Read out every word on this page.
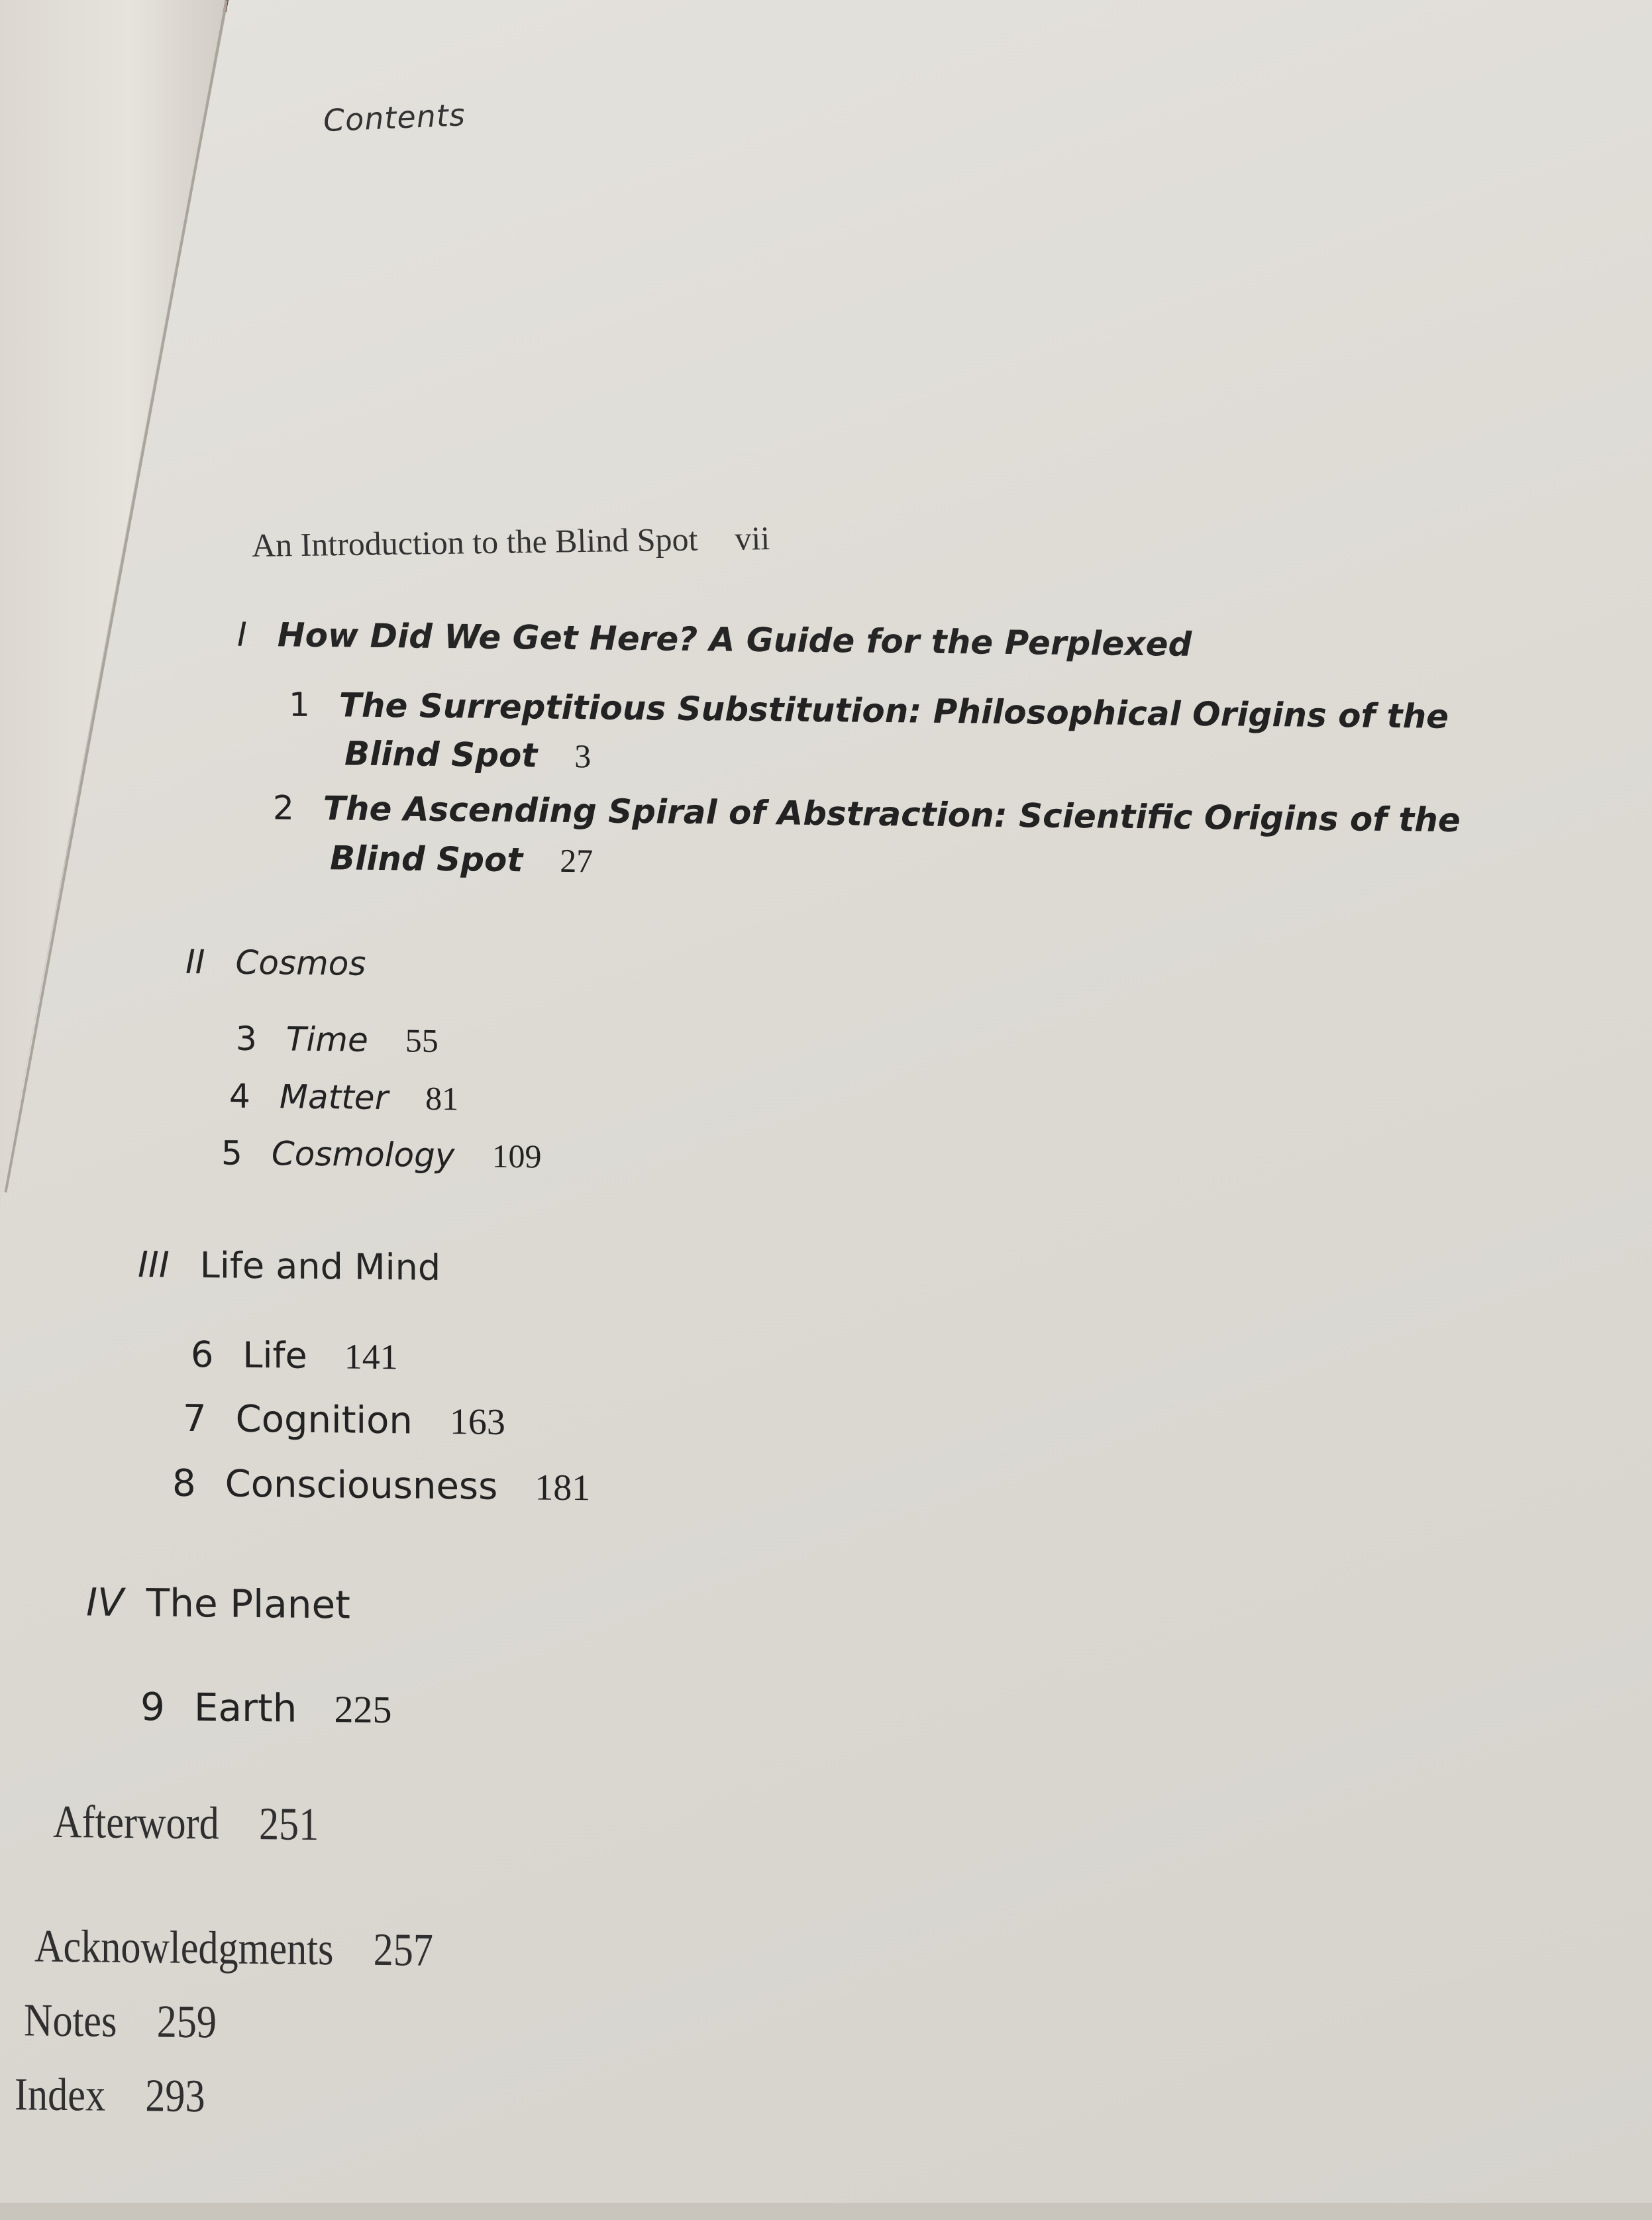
Contents
An Introduction to the Blind Spot vii
I How Did We Get Here? A Guide for the Perplexed
1 The Surreptitious Substitution: Philosophical Origins of the
Blind Spot 3
2 The Ascending Spiral of Abstraction: Scientific Origins of the
Blind Spot 27
II Cosmos
3 Time 55
4 Matter 81
5 Cosmology 109
III Life and Mind
6 Life 141
7 Cognition 163
8 Consciousness 181
IV The Planet
9 Earth 225
Afterword 251
Acknowledgments 257
Notes 259
Index 293
